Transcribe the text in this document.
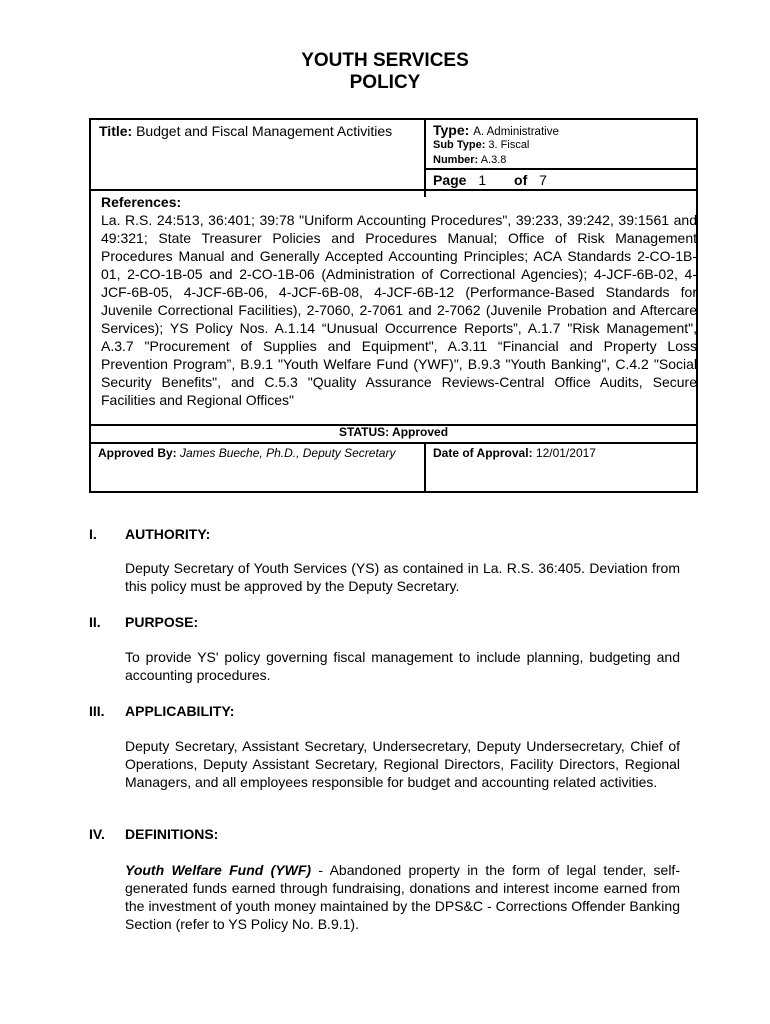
YOUTH SERVICES
POLICY
Title: Budget and Fiscal Management Activities	Type: A. Administrative
Sub Type: 3. Fiscal
Number: A.3.8
Page 1 of 7
References:
La. R.S. 24:513, 36:401; 39:78 "Uniform Accounting Procedures", 39:233, 39:242, 39:1561 and 49:321; State Treasurer Policies and Procedures Manual; Office of Risk Management Procedures Manual and Generally Accepted Accounting Principles; ACA Standards 2-CO-1B-01, 2-CO-1B-05 and 2-CO-1B-06 (Administration of Correctional Agencies); 4-JCF-6B-02, 4-JCF-6B-05, 4-JCF-6B-06, 4-JCF-6B-08, 4-JCF-6B-12 (Performance-Based Standards for Juvenile Correctional Facilities), 2-7060, 2-7061 and 2-7062 (Juvenile Probation and Aftercare Services); YS Policy Nos. A.1.14 “Unusual Occurrence Reports”, A.1.7 "Risk Management", A.3.7 "Procurement of Supplies and Equipment", A.3.11 “Financial and Property Loss Prevention Program”, B.9.1 "Youth Welfare Fund (YWF)", B.9.3 "Youth Banking", C.4.2 "Social Security Benefits", and C.5.3 "Quality Assurance Reviews-Central Office Audits, Secure Facilities and Regional Offices"
STATUS: Approved
Approved By: James Bueche, Ph.D., Deputy Secretary	Date of Approval: 12/01/2017
I. AUTHORITY:
Deputy Secretary of Youth Services (YS) as contained in La. R.S. 36:405. Deviation from this policy must be approved by the Deputy Secretary.
II. PURPOSE:
To provide YS' policy governing fiscal management to include planning, budgeting and accounting procedures.
III. APPLICABILITY:
Deputy Secretary, Assistant Secretary, Undersecretary, Deputy Undersecretary, Chief of Operations, Deputy Assistant Secretary, Regional Directors, Facility Directors, Regional Managers, and all employees responsible for budget and accounting related activities.
IV. DEFINITIONS:
Youth Welfare Fund (YWF) - Abandoned property in the form of legal tender, self-generated funds earned through fundraising, donations and interest income earned from the investment of youth money maintained by the DPS&C - Corrections Offender Banking Section (refer to YS Policy No. B.9.1).
